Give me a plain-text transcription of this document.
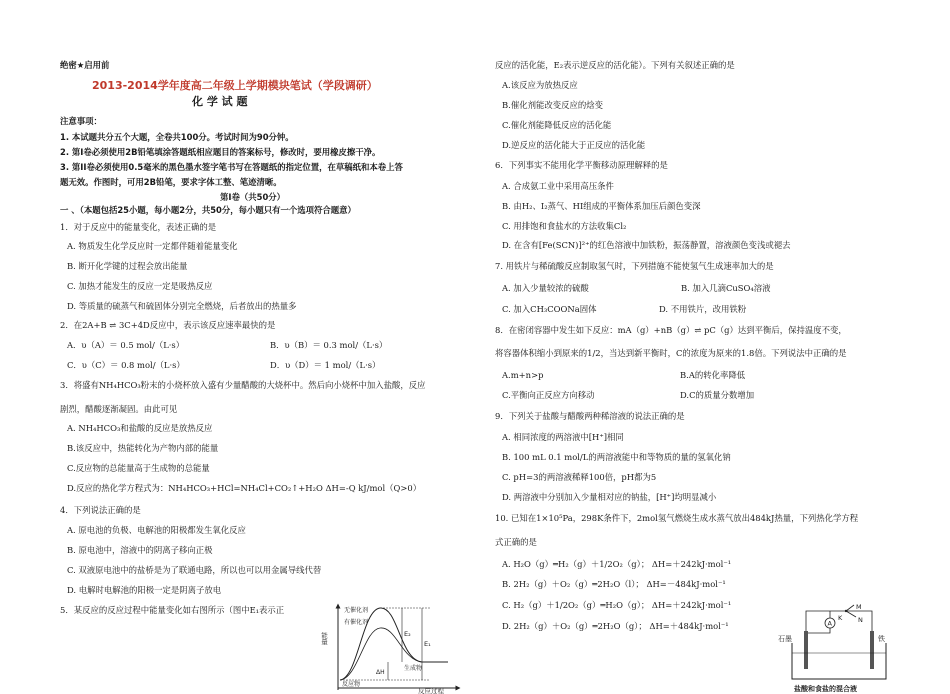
绝密★启用前
2013-2014学年度高二年级上学期模块笔试（学段调研）
化 学 试 题
注意事项：
1. 本试题共分五个大题，全卷共100分。考试时间为90分钟。
2. 第I卷必须使用2B铅笔填涂答题纸相应题目的答案标号，修改时，要用橡皮擦干净。
3. 第II卷必须使用0.5毫米的黑色墨水签字笔书写在答题纸的指定位置，在草稿纸和本卷上答
题无效。作图时，可用2B铅笔，要求字体工整、笔迹清晰。
第I卷（共50分）
一 、（本题包括25小题，每小题2分，共50分，每小题只有一个选项符合题意）
1．对于反应中的能量变化，表述正确的是
A. 物质发生化学反应时一定都伴随着能量变化
B. 断开化学键的过程会放出能量
C. 加热才能发生的反应一定是吸热反应
D. 等质量的硫蒸气和硫固体分别完全燃烧，后者放出的热量多
2．在2A+B ⇌ 3C+4D反应中，表示该反应速率最快的是
A．υ（A）＝ 0.5 mol/（L·s）	B．υ（B）＝ 0.3 mol/（L·s）
C．υ（C）＝ 0.8 mol/（L·s）	D．υ（D）＝ 1 mol/（L·s）
3．将盛有NH₄HCO₃粉末的小烧杯放入盛有少量醋酸的大烧杯中。然后向小烧杯中加入盐酸，反应
剧烈，醋酸逐渐凝固。由此可见
A. NH₄HCO₃和盐酸的反应是放热反应
B.该反应中，热能转化为产物内部的能量
C.反应物的总能量高于生成物的总能量
D.反应的热化学方程式为：NH₄HCO₃+HCl=NH₄Cl+CO₂↑+H₂O ΔH=-Q kJ/mol（Q>0）
4．下列说法正确的是
A. 原电池的负极、电解池的阳极都发生氧化反应
B. 原电池中，溶液中的阴离子移向正极
C. 双液原电池中的盐桥是为了联通电路，所以也可以用金属导线代替
D. 电解时电解池的阳极一定是阴离子放电
5．某反应的反应过程中能量变化如右图所示（图中E₁表示正
能量
反应过程
无催化剂
有催化剂
E₂
E₁
ΔH
生成物
反应物
反应的活化能，E₂表示逆反应的活化能）。下列有关叙述正确的是
A.该反应为放热反应
B.催化剂能改变反应的焓变
C.催化剂能降低反应的活化能
D.逆反应的活化能大于正反应的活化能
6．下列事实不能用化学平衡移动原理解释的是
A. 合成氨工业中采用高压条件
B. 由H₂、I₂蒸气、HI组成的平衡体系加压后颜色变深
C. 用排饱和食盐水的方法收集Cl₂
D. 在含有[Fe(SCN)]²⁺的红色溶液中加铁粉，振荡静置，溶液颜色变浅或褪去
7. 用铁片与稀硫酸反应制取氢气时，下列措施不能使氢气生成速率加大的是
A. 加入少量较浓的硫酸	B. 加入几滴CuSO₄溶液
C. 加入CH₃COONa固体	D. 不用铁片，改用铁粉
8．在密闭容器中发生如下反应：mA（g）+nB（g）⇌ pC（g）达到平衡后，保持温度不变，
将容器体积缩小到原来的1/2，当达到新平衡时，C的浓度为原来的1.8倍。下列说法中正确的是
A.m+n>p	B.A的转化率降低
C.平衡向正反应方向移动	D.C的质量分数增加
9．下列关于盐酸与醋酸两种稀溶液的说法正确的是
A. 相同浓度的两溶液中[H⁺]相同
B. 100 mL 0.1 mol/L的两溶液能中和等物质的量的氢氧化钠
C. pH=3的两溶液稀释100倍，pH都为5
D. 两溶液中分别加入少量相对应的钠盐，[H⁺]均明显减小
10. 已知在1×10⁵Pa，298K条件下，2mol氢气燃烧生成水蒸气放出484kJ热量，下列热化学方程
式正确的是
A. H₂O（g）═H₂（g）＋1/2O₂（g）； ΔH=＋242kJ·mol⁻¹
B. 2H₂（g）＋O₂（g）═2H₂O（l）； ΔH=－484kJ·mol⁻¹
C. H₂（g）＋1/2O₂（g）═H₂O（g）； ΔH=＋242kJ·mol⁻¹
D. 2H₂（g）＋O₂（g）═2H₂O（g）； ΔH=＋484kJ·mol⁻¹	A
M
K N
石墨	铁
盐酸和食盐的混合液
